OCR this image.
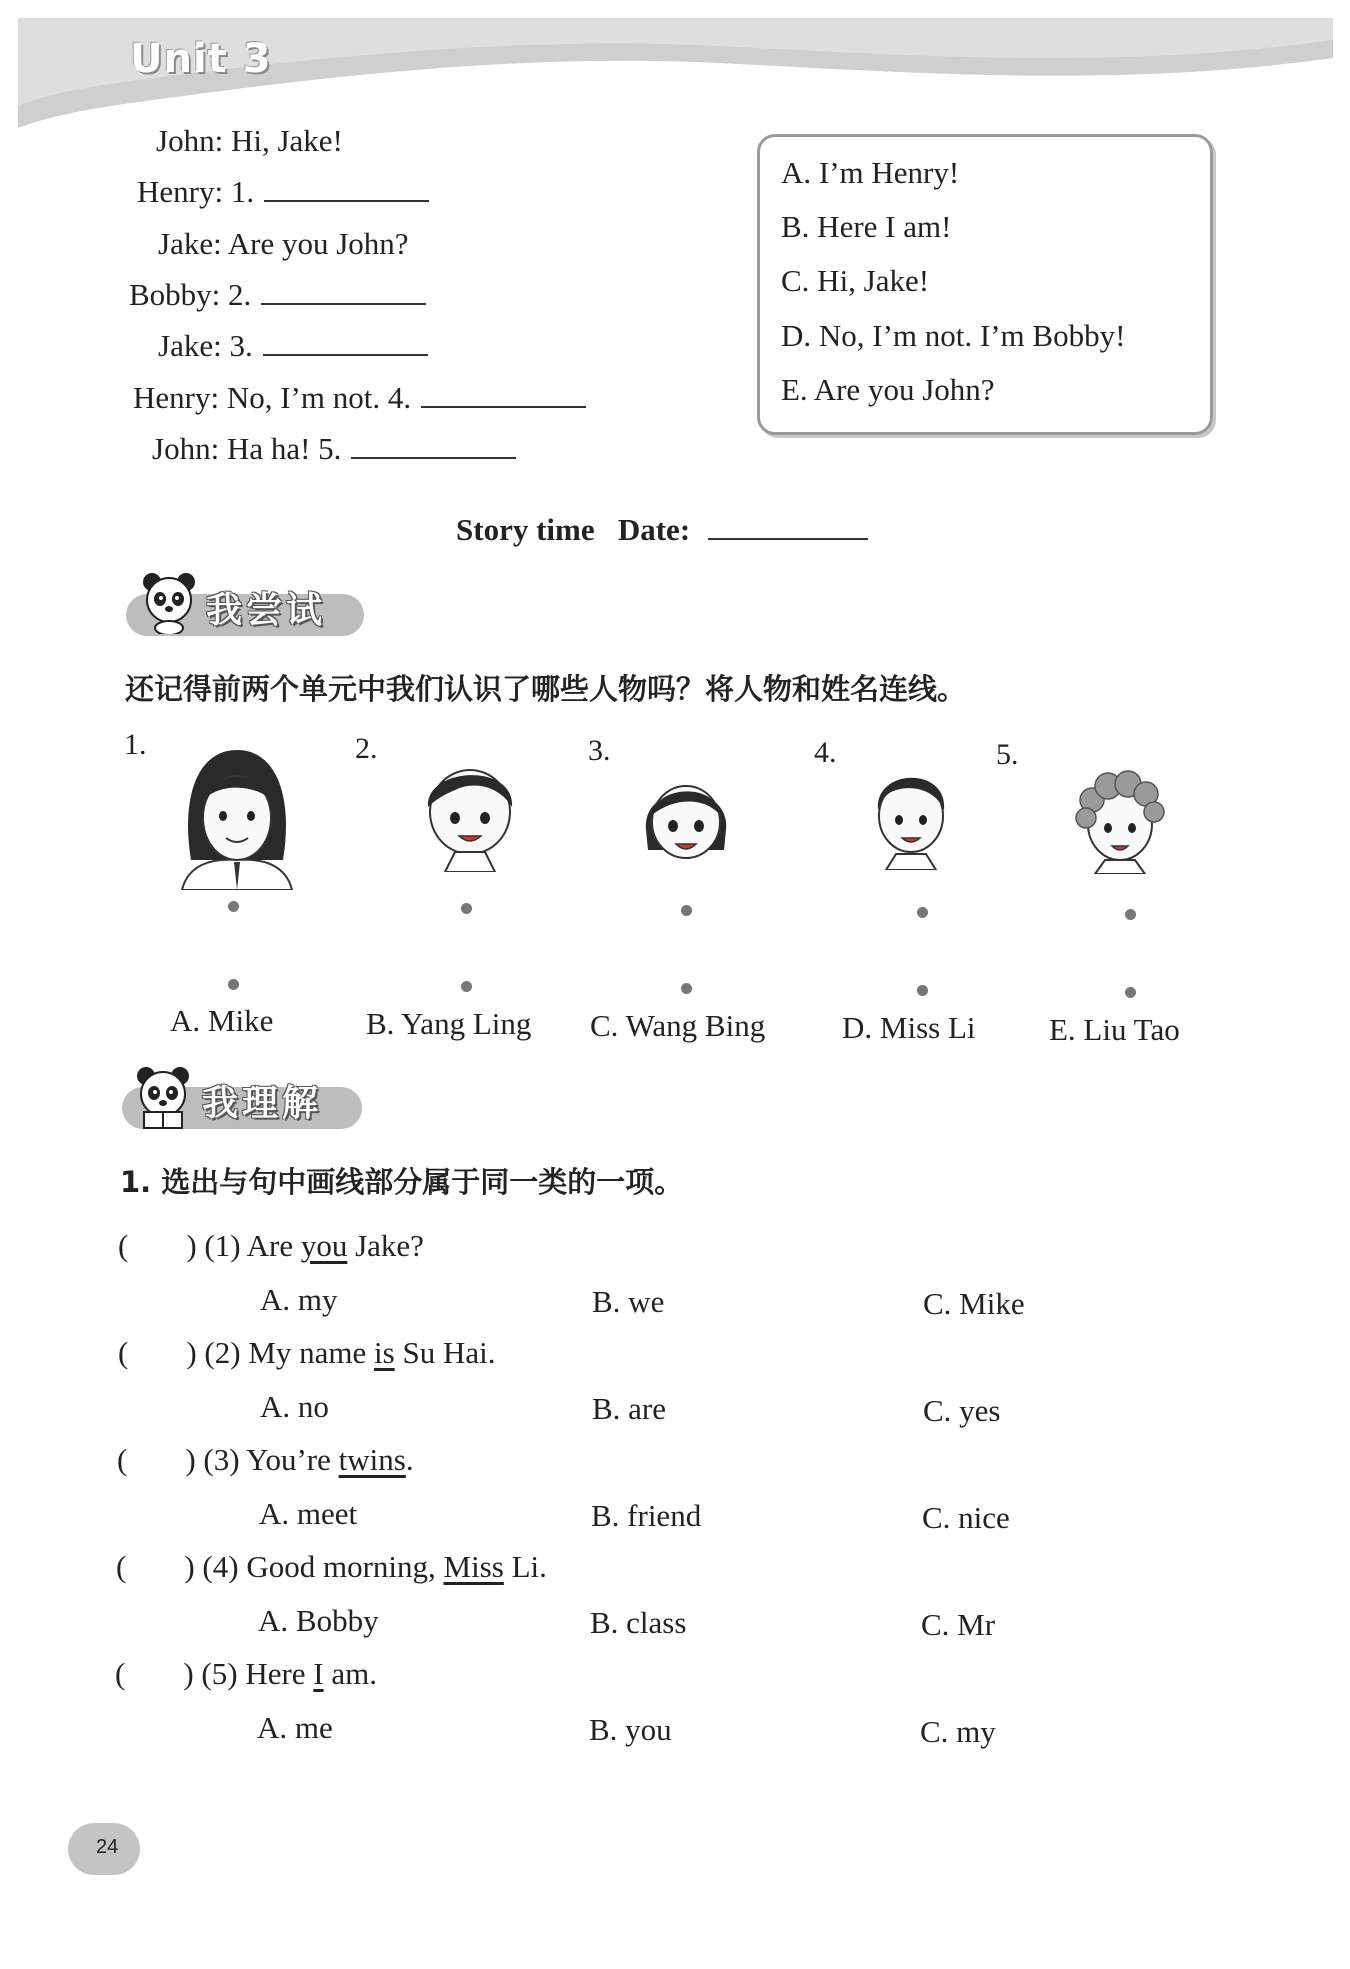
Unit 3
John: Hi, Jake!
Henry: 1.
Jake: Are you John?
Bobby: 2.
Jake: 3.
Henry: No, I’m not. 4.
John: Ha ha! 5.
A. I’m Henry!
B. Here I am!
C. Hi, Jake!
D. No, I’m not. I’m Bobby!
E. Are you John?
Story time Date:
我尝试
还记得前两个单元中我们认识了哪些人物吗？将人物和姓名连线。
1.	2.	3.	4.	5.
A. Mike	B. Yang Ling C. Wang Bing D. Miss Li E. Liu Tao
我理解
1. 选出与句中画线部分属于同一类的一项。
( ) (1) Are you Jake?
A. my	B. we	C. Mike
( ) (2) My name is Su Hai.
A. no	B. are	C. yes
( ) (3) You’re twins.
A. meet	B. friend	C. nice
( ) (4) Good morning, Miss Li.
A. Bobby	B. class	C. Mr
( ) (5) Here I am.
A. me	B. you	C. my
24
